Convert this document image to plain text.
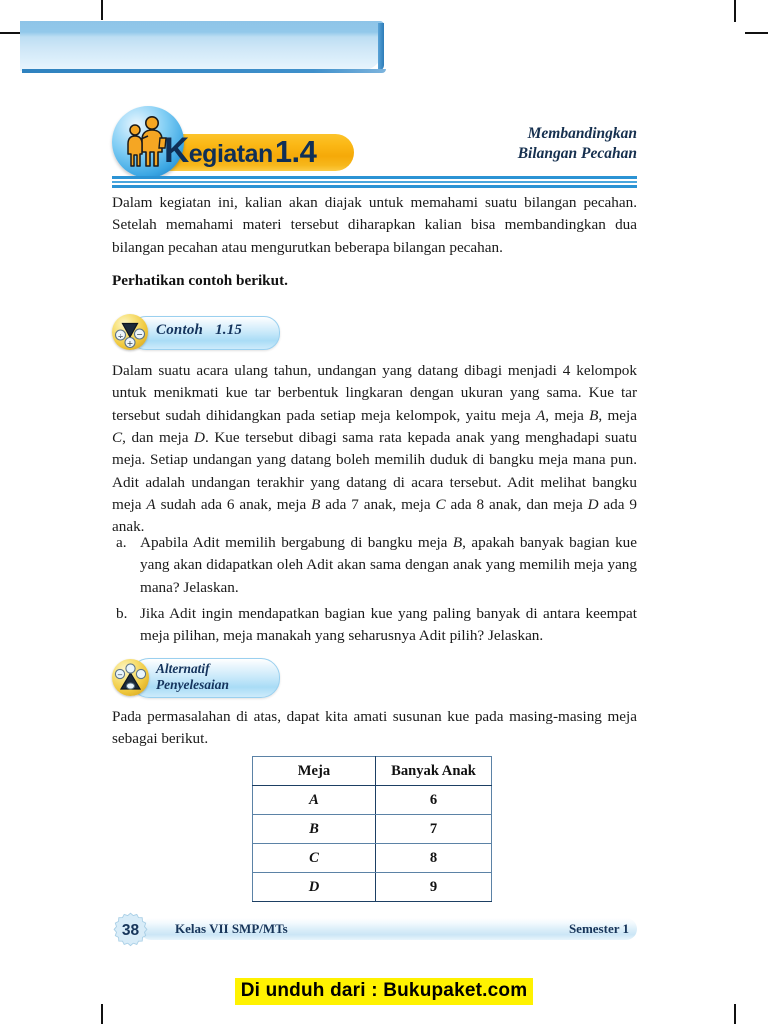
K egiatan 1.4
Membandingkan
Bilangan Pecahan
Dalam kegiatan ini, kalian akan diajak untuk memahami suatu bilangan pecahan. Setelah memahami materi tersebut diharapkan kalian bisa membandingkan dua bilangan pecahan atau mengurutkan beberapa bilangan pecahan.
Perhatikan contoh berikut.
÷ −
+
Contoh 1.15
Dalam suatu acara ulang tahun, undangan yang datang dibagi menjadi 4 kelompok untuk menikmati kue tar berbentuk lingkaran dengan ukuran yang sama. Kue tar tersebut sudah dihidangkan pada setiap meja kelompok, yaitu meja A, meja B, meja C, dan meja D. Kue tersebut dibagi sama rata kepada anak yang menghadapi suatu meja. Setiap undangan yang datang boleh memilih duduk di bangku meja mana pun. Adit adalah undangan terakhir yang datang di acara tersebut. Adit melihat bangku meja A sudah ada 6 anak, meja B ada 7 anak, meja C ada 8 anak, dan meja D ada 9 anak.
a. Apabila Adit memilih bergabung di bangku meja B, apakah banyak bagian kue yang akan didapatkan oleh Adit akan sama dengan anak yang memilih meja yang mana? Jelaskan.
b. Jika Adit ingin mendapatkan bagian kue yang paling banyak di antara keempat meja pilihan, meja manakah yang seharusnya Adit pilih? Jelaskan.
− Alternatif
Penyelesaian
Pada permasalahan di atas, dapat kita amati susunan kue pada masing-masing meja sebagai berikut.
Meja	Banyak Anak
A	6
B	7
C	8
D	9
38	Kelas VII SMP/MTs	Semester 1
Di unduh dari : Bukupaket.com
